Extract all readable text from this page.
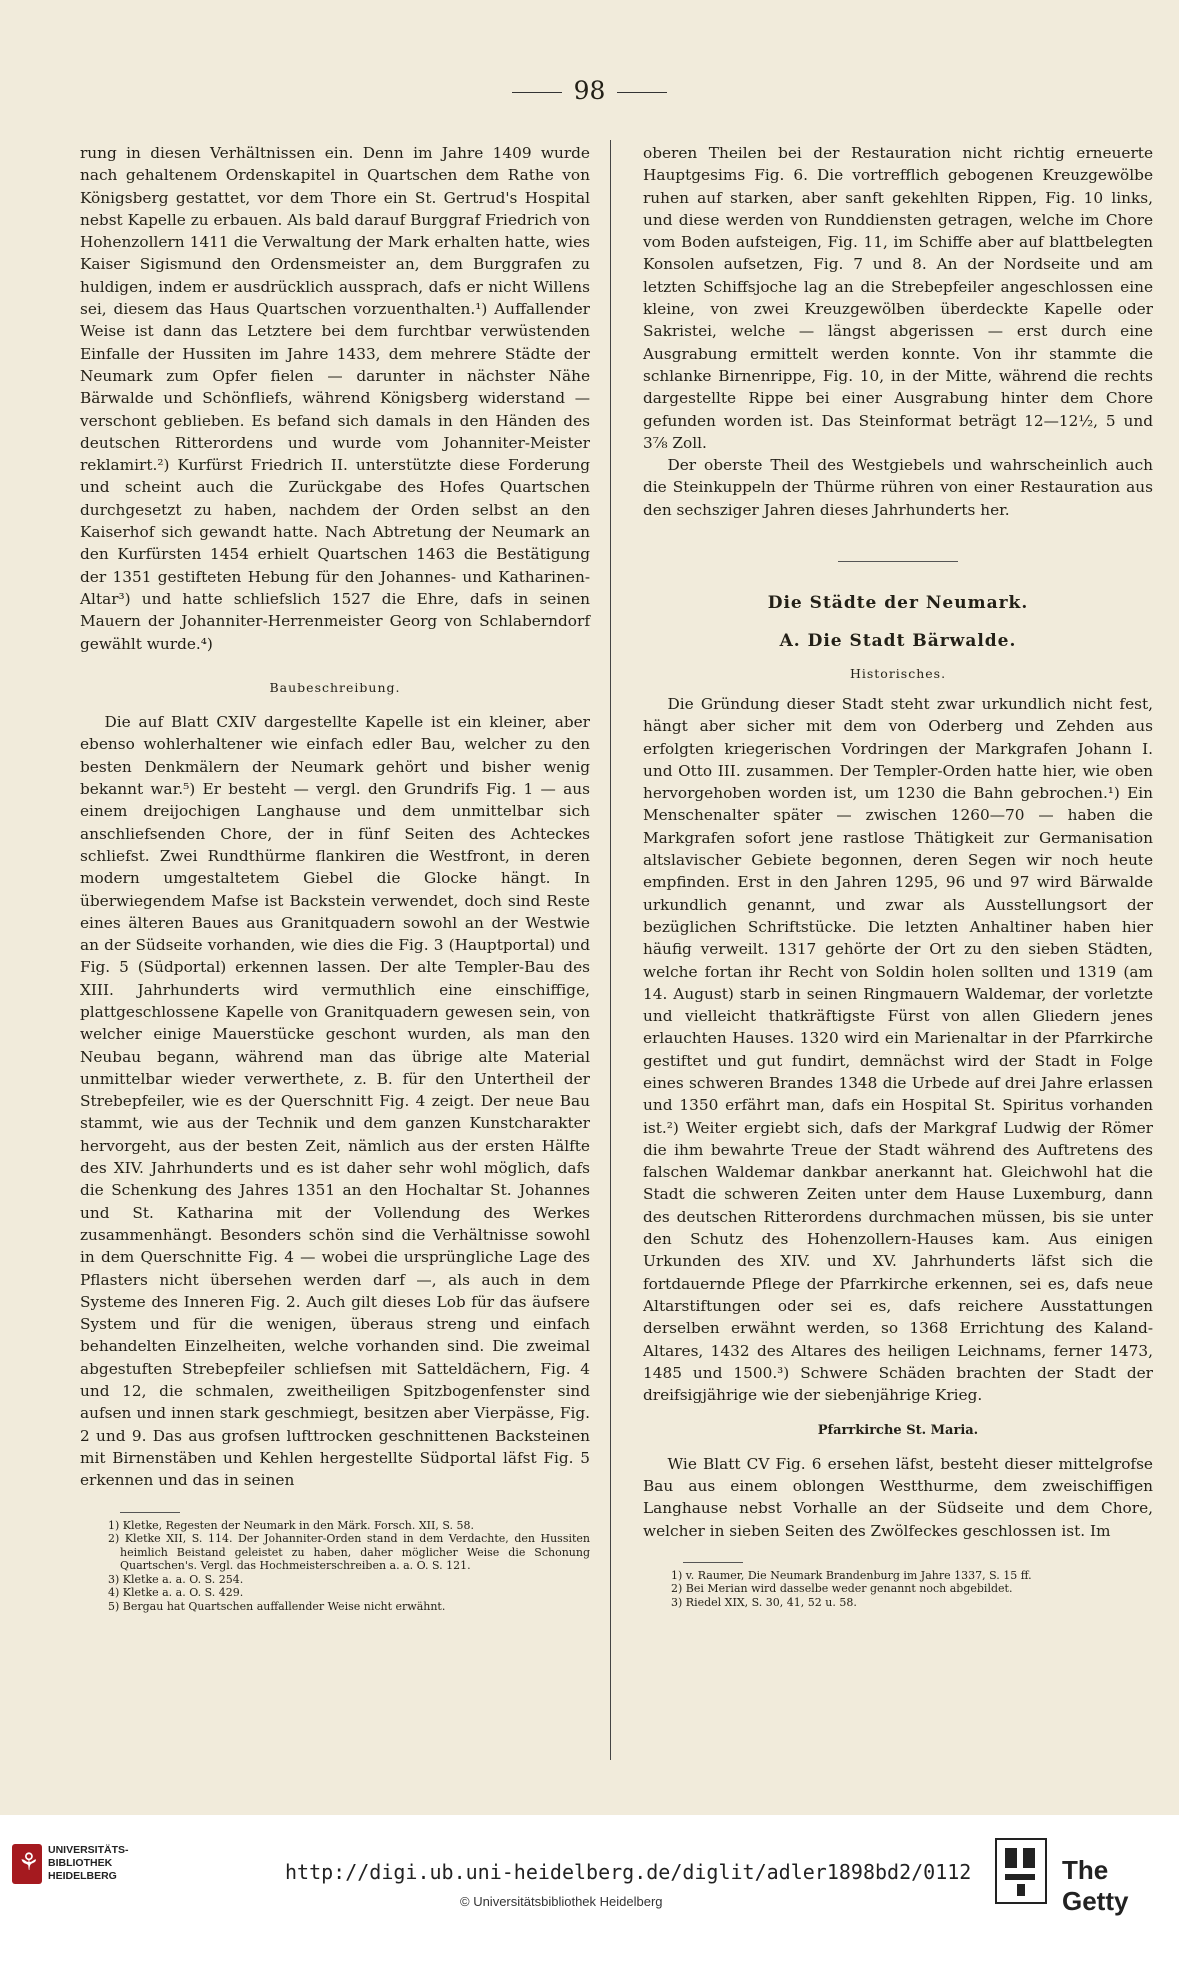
98

rung in diesen Verhältnissen ein. Denn im Jahre 1409 wurde nach gehaltenem Ordenskapitel in Quartschen dem Rathe von Königsberg gestattet, vor dem Thore ein St. Gertrud's Hospital nebst Kapelle zu erbauen. Als bald darauf Burggraf Friedrich von Hohenzollern 1411 die Verwaltung der Mark erhalten hatte, wies Kaiser Sigismund den Ordensmeister an, dem Burggrafen zu huldigen, indem er ausdrücklich aussprach, dafs er nicht Willens sei, diesem das Haus Quartschen vorzuenthalten.¹) Auffallender Weise ist dann das Letztere bei dem furchtbar verwüstenden Einfalle der Hussiten im Jahre 1433, dem mehrere Städte der Neumark zum Opfer fielen — darunter in nächster Nähe Bärwalde und Schönfliefs, während Königsberg widerstand — verschont geblieben. Es befand sich damals in den Händen des deutschen Ritterordens und wurde vom Johanniter-Meister reklamirt.²) Kurfürst Friedrich II. unterstützte diese Forderung und scheint auch die Zurückgabe des Hofes Quartschen durchgesetzt zu haben, nachdem der Orden selbst an den Kaiserhof sich gewandt hatte. Nach Abtretung der Neumark an den Kurfürsten 1454 erhielt Quartschen 1463 die Bestätigung der 1351 gestifteten Hebung für den Johannes- und Katharinen-Altar³) und hatte schliefslich 1527 die Ehre, dafs in seinen Mauern der Johanniter-Herrenmeister Georg von Schlaberndorf gewählt wurde.⁴)

Baubeschreibung.

Die auf Blatt CXIV dargestellte Kapelle ist ein kleiner, aber ebenso wohlerhaltener wie einfach edler Bau, welcher zu den besten Denkmälern der Neumark gehört und bisher wenig bekannt war.⁵) Er besteht — vergl. den Grundrifs Fig. 1 — aus einem dreijochigen Langhause und dem unmittelbar sich anschliefsenden Chore, der in fünf Seiten des Achteckes schliefst. Zwei Rundthürme flankiren die Westfront, in deren modern umgestaltetem Giebel die Glocke hängt. In überwiegendem Mafse ist Backstein verwendet, doch sind Reste eines älteren Baues aus Granitquadern sowohl an der Westwie an der Südseite vorhanden, wie dies die Fig. 3 (Hauptportal) und Fig. 5 (Südportal) erkennen lassen. Der alte Templer-Bau des XIII. Jahrhunderts wird vermuthlich eine einschiffige, plattgeschlossene Kapelle von Granitquadern gewesen sein, von welcher einige Mauerstücke geschont wurden, als man den Neubau begann, während man das übrige alte Material unmittelbar wieder verwerthete, z. B. für den Untertheil der Strebepfeiler, wie es der Querschnitt Fig. 4 zeigt. Der neue Bau stammt, wie aus der Technik und dem ganzen Kunstcharakter hervorgeht, aus der besten Zeit, nämlich aus der ersten Hälfte des XIV. Jahrhunderts und es ist daher sehr wohl möglich, dafs die Schenkung des Jahres 1351 an den Hochaltar St. Johannes und St. Katharina mit der Vollendung des Werkes zusammenhängt. Besonders schön sind die Verhältnisse sowohl in dem Querschnitte Fig. 4 — wobei die ursprüngliche Lage des Pflasters nicht übersehen werden darf —, als auch in dem Systeme des Inneren Fig. 2. Auch gilt dieses Lob für das äufsere System und für die wenigen, überaus streng und einfach behandelten Einzelheiten, welche vorhanden sind. Die zweimal abgestuften Strebepfeiler schliefsen mit Satteldächern, Fig. 4 und 12, die schmalen, zweitheiligen Spitzbogenfenster sind aufsen und innen stark geschmiegt, besitzen aber Vierpässe, Fig. 2 und 9. Das aus grofsen lufttrocken geschnittenen Backsteinen mit Birnenstäben und Kehlen hergestellte Südportal läfst Fig. 5 erkennen und das in seinen

1) Kletke, Regesten der Neumark in den Märk. Forsch. XII, S. 58.
2) Kletke XII, S. 114. Der Johanniter-Orden stand in dem Verdachte, den Hussiten heimlich Beistand geleistet zu haben, daher möglicher Weise die Schonung Quartschen's. Vergl. das Hochmeisterschreiben a. a. O. S. 121.
3) Kletke a. a. O. S. 254.
4) Kletke a. a. O. S. 429.
5) Bergau hat Quartschen auffallender Weise nicht erwähnt.

oberen Theilen bei der Restauration nicht richtig erneuerte Hauptgesims Fig. 6. Die vortrefflich gebogenen Kreuzgewölbe ruhen auf starken, aber sanft gekehlten Rippen, Fig. 10 links, und diese werden von Runddiensten getragen, welche im Chore vom Boden aufsteigen, Fig. 11, im Schiffe aber auf blattbelegten Konsolen aufsetzen, Fig. 7 und 8. An der Nordseite und am letzten Schiffsjoche lag an die Strebepfeiler angeschlossen eine kleine, von zwei Kreuzgewölben überdeckte Kapelle oder Sakristei, welche — längst abgerissen — erst durch eine Ausgrabung ermittelt werden konnte. Von ihr stammte die schlanke Birnenrippe, Fig. 10, in der Mitte, während die rechts dargestellte Rippe bei einer Ausgrabung hinter dem Chore gefunden worden ist. Das Steinformat beträgt 12—12½, 5 und 3⅞ Zoll.

Der oberste Theil des Westgiebels und wahrscheinlich auch die Steinkuppeln der Thürme rühren von einer Restauration aus den sechsziger Jahren dieses Jahrhunderts her.

Die Städte der Neumark.
A. Die Stadt Bärwalde.
Historisches.

Die Gründung dieser Stadt steht zwar urkundlich nicht fest, hängt aber sicher mit dem von Oderberg und Zehden aus erfolgten kriegerischen Vordringen der Markgrafen Johann I. und Otto III. zusammen. Der Templer-Orden hatte hier, wie oben hervorgehoben worden ist, um 1230 die Bahn gebrochen.¹) Ein Menschenalter später — zwischen 1260—70 — haben die Markgrafen sofort jene rastlose Thätigkeit zur Germanisation altslavischer Gebiete begonnen, deren Segen wir noch heute empfinden. Erst in den Jahren 1295, 96 und 97 wird Bärwalde urkundlich genannt, und zwar als Ausstellungsort der bezüglichen Schriftstücke. Die letzten Anhaltiner haben hier häufig verweilt. 1317 gehörte der Ort zu den sieben Städten, welche fortan ihr Recht von Soldin holen sollten und 1319 (am 14. August) starb in seinen Ringmauern Waldemar, der vorletzte und vielleicht thatkräftigste Fürst von allen Gliedern jenes erlauchten Hauses. 1320 wird ein Marienaltar in der Pfarrkirche gestiftet und gut fundirt, demnächst wird der Stadt in Folge eines schweren Brandes 1348 die Urbede auf drei Jahre erlassen und 1350 erfährt man, dafs ein Hospital St. Spiritus vorhanden ist.²) Weiter ergiebt sich, dafs der Markgraf Ludwig der Römer die ihm bewahrte Treue der Stadt während des Auftretens des falschen Waldemar dankbar anerkannt hat. Gleichwohl hat die Stadt die schweren Zeiten unter dem Hause Luxemburg, dann des deutschen Ritterordens durchmachen müssen, bis sie unter den Schutz des Hohenzollern-Hauses kam. Aus einigen Urkunden des XIV. und XV. Jahrhunderts läfst sich die fortdauernde Pflege der Pfarrkirche erkennen, sei es, dafs neue Altarstiftungen oder sei es, dafs reichere Ausstattungen derselben erwähnt werden, so 1368 Errichtung des Kaland-Altares, 1432 des Altares des heiligen Leichnams, ferner 1473, 1485 und 1500.³) Schwere Schäden brachten der Stadt der dreifsigjährige wie der siebenjährige Krieg.

Pfarrkirche St. Maria.

Wie Blatt CV Fig. 6 ersehen läfst, besteht dieser mittelgrofse Bau aus einem oblongen Westthurme, dem zweischiffigen Langhause nebst Vorhalle an der Südseite und dem Chore, welcher in sieben Seiten des Zwölfeckes geschlossen ist. Im

1) v. Raumer, Die Neumark Brandenburg im Jahre 1337, S. 15 ff.
2) Bei Merian wird dasselbe weder genannt noch abgebildet.
3) Riedel XIX, S. 30, 41, 52 u. 58.
⚘ UNIVERSITÄTS-
BIBLIOTHEK
HEIDELBERG	http://digi.ub.uni-heidelberg.de/diglit/adler1898bd2/0112
© Universitätsbibliothek Heidelberg
The Getty
